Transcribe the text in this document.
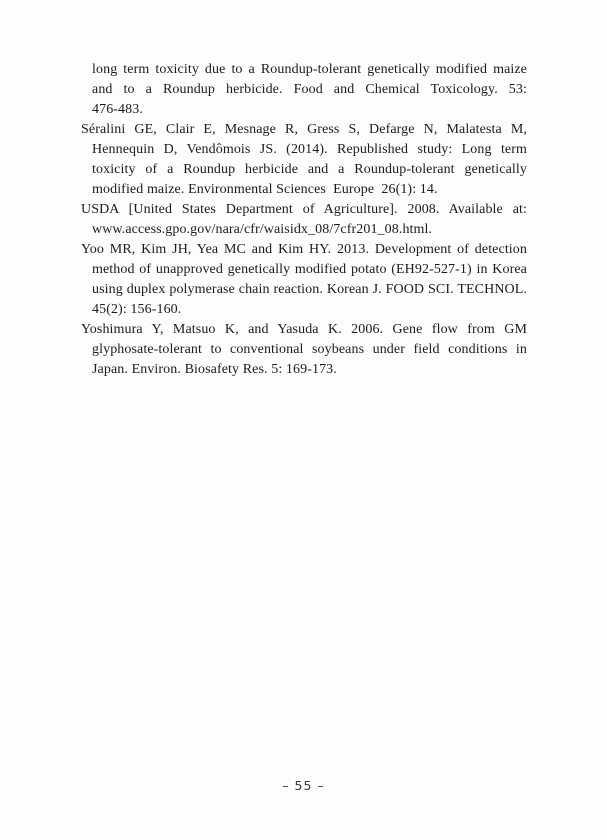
long term toxicity due to a Roundup-tolerant genetically modified maize
and to a Roundup herbicide. Food and Chemical Toxicology. 53:
476-483.
Séralini GE, Clair E, Mesnage R, Gress S, Defarge N, Malatesta M,
Hennequin D, Vendômois JS. (2014). Republished study: Long term
toxicity of a Roundup herbicide and a Roundup-tolerant genetically
modified maize. Environmental Sciences  Europe  26(1): 14.
USDA [United States Department of Agriculture]. 2008. Available at:
www.access.gpo.gov/nara/cfr/waisidx_08/7cfr201_08.html.
Yoo MR, Kim JH, Yea MC and Kim HY. 2013. Development of detection
method of unapproved genetically modified potato (EH92-527-1) in Korea
using duplex polymerase chain reaction. Korean J. FOOD SCI. TECHNOL.
45(2): 156-160.
Yoshimura Y, Matsuo K, and Yasuda K. 2006. Gene flow from GM
glyphosate-tolerant to conventional soybeans under field conditions in
Japan. Environ. Biosafety Res. 5: 169-173.
– 55 –
